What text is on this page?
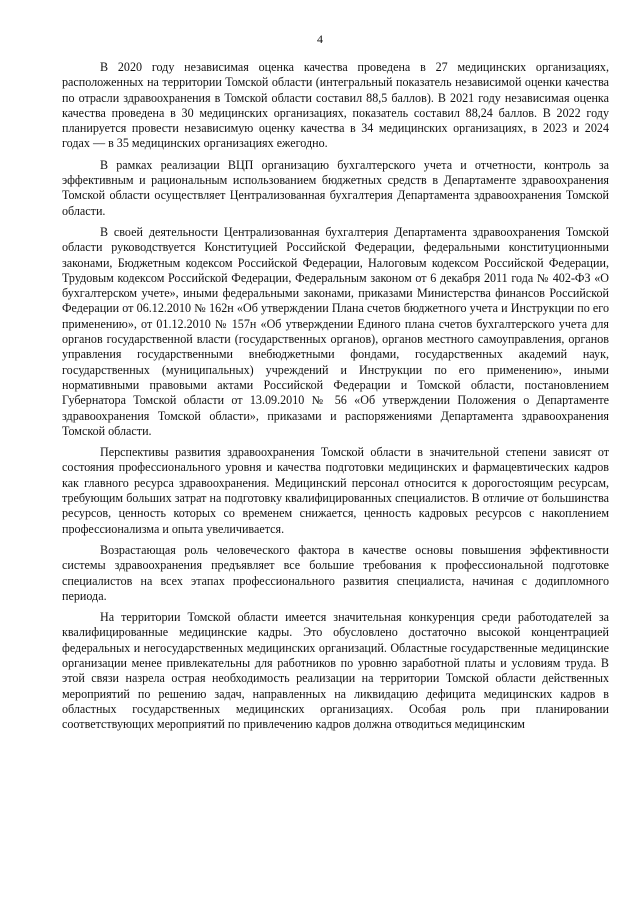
4

В 2020 году независимая оценка качества проведена в 27 медицинских организациях, расположенных на территории Томской области (интегральный показатель независимой оценки качества по отрасли здравоохранения в Томской области составил 88,5 баллов). В 2021 году независимая оценка качества проведена в 30 медицинских организациях, показатель составил 88,24 баллов. В 2022 году планируется провести независимую оценку качества в 34 медицинских организациях, в 2023 и 2024 годах — в 35 медицинских организациях ежегодно.

В рамках реализации ВЦП организацию бухгалтерского учета и отчетности, контроль за эффективным и рациональным использованием бюджетных средств в Департаменте здравоохранения Томской области осуществляет Централизованная бухгалтерия Департамента здравоохранения Томской области.

В своей деятельности Централизованная бухгалтерия Департамента здравоохранения Томской области руководствуется Конституцией Российской Федерации, федеральными конституционными законами, Бюджетным кодексом Российской Федерации, Налоговым кодексом Российской Федерации, Трудовым кодексом Российской Федерации, Федеральным законом от 6 декабря 2011 года № 402-ФЗ «О бухгалтерском учете», иными федеральными законами, приказами Министерства финансов Российской Федерации от 06.12.2010 № 162н «Об утверждении Плана счетов бюджетного учета и Инструкции по его применению», от 01.12.2010 № 157н «Об утверждении Единого плана счетов бухгалтерского учета для органов государственной власти (государственных органов), органов местного самоуправления, органов управления государственными внебюджетными фондами, государственных академий наук, государственных (муниципальных) учреждений и Инструкции по его применению», иными нормативными правовыми актами Российской Федерации и Томской области, постановлением Губернатора Томской области от 13.09.2010 № 56 «Об утверждении Положения о Департаменте здравоохранения Томской области», приказами и распоряжениями Департамента здравоохранения Томской области.

Перспективы развития здравоохранения Томской области в значительной степени зависят от состояния профессионального уровня и качества подготовки медицинских и фармацевтических кадров как главного ресурса здравоохранения. Медицинский персонал относится к дорогостоящим ресурсам, требующим больших затрат на подготовку квалифицированных специалистов. В отличие от большинства ресурсов, ценность которых со временем снижается, ценность кадровых ресурсов с накоплением профессионализма и опыта увеличивается.

Возрастающая роль человеческого фактора в качестве основы повышения эффективности системы здравоохранения предъявляет все большие требования к профессиональной подготовке специалистов на всех этапах профессионального развития специалиста, начиная с додипломного периода.

На территории Томской области имеется значительная конкуренция среди работодателей за квалифицированные медицинские кадры. Это обусловлено достаточно высокой концентрацией федеральных и негосударственных медицинских организаций. Областные государственные медицинские организации менее привлекательны для работников по уровню заработной платы и условиям труда. В этой связи назрела острая необходимость реализации на территории Томской области действенных мероприятий по решению задач, направленных на ликвидацию дефицита медицинских кадров в областных государственных медицинских организациях. Особая роль при планировании соответствующих мероприятий по привлечению кадров должна отводиться медицинским
